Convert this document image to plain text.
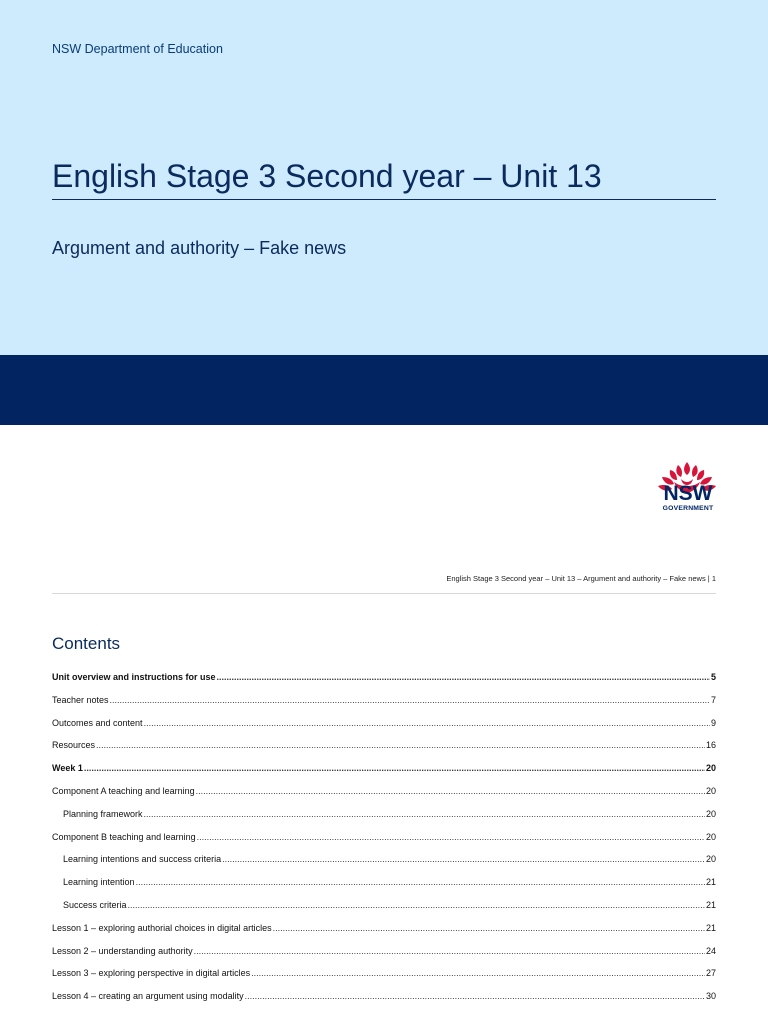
NSW Department of Education
English Stage 3 Second year – Unit 13
Argument and authority – Fake news
NSW
GOVERNMENT
English Stage 3 Second year – Unit 13 – Argument and authority – Fake news | 1
Contents
Unit overview and instructions for use .....	5
Teacher notes .....	7
Outcomes and content .....	9
Resources .....	16
Week 1 .....	20
Component A teaching and learning .....	20
Planning framework .....	20
Component B teaching and learning .....	20
Learning intentions and success criteria .....	20
Learning intention .....	21
Success criteria .....	21
Lesson 1 – exploring authorial choices in digital articles .....	21
Lesson 2 – understanding authority .....	24
Lesson 3 – exploring perspective in digital articles .....	27
Lesson 4 – creating an argument using modality .....	30
